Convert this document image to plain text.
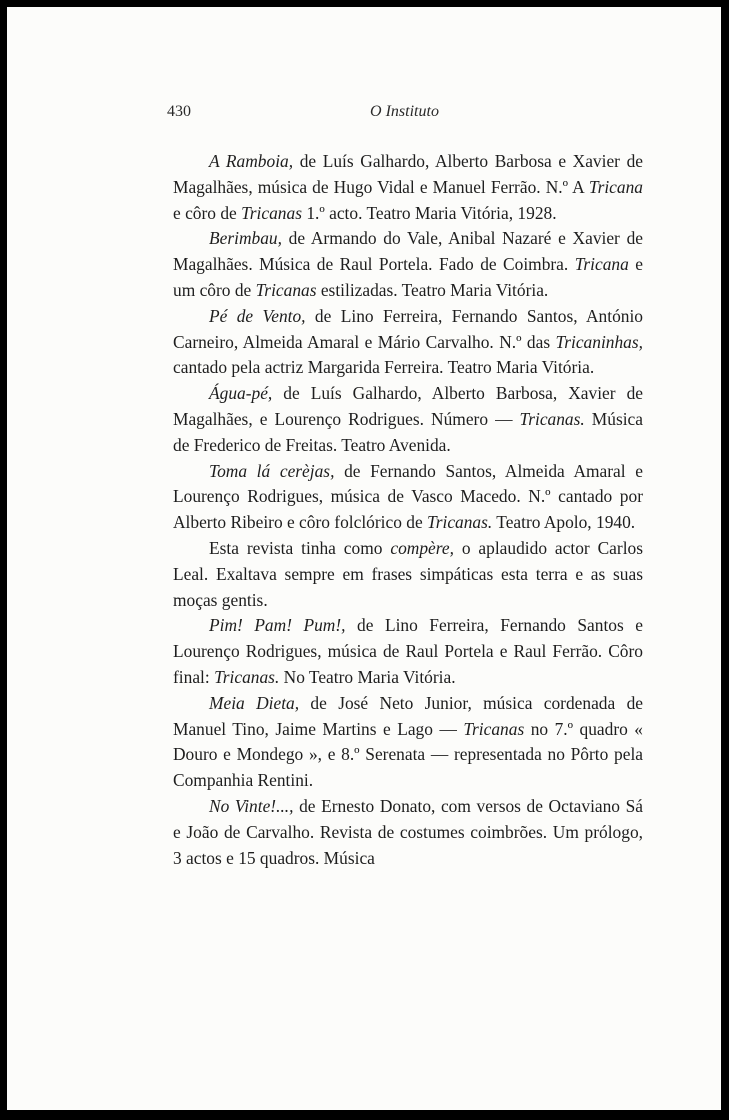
430	O Instituto

A Ramboia, de Luís Galhardo, Alberto Barbosa e Xavier de Magalhães, música de Hugo Vidal e Manuel Ferrão. N.º A Tricana e côro de Tricanas 1.º acto. Teatro Maria Vitória, 1928.

Berimbau, de Armando do Vale, Anibal Nazaré e Xavier de Magalhães. Música de Raul Portela. Fado de Coimbra. Tricana e um côro de Tricanas estilizadas. Teatro Maria Vitória.

Pé de Vento, de Lino Ferreira, Fernando Santos, António Carneiro, Almeida Amaral e Mário Carvalho. N.º das Tricaninhas, cantado pela actriz Margarida Ferreira. Teatro Maria Vitória.

Água-pé, de Luís Galhardo, Alberto Barbosa, Xavier de Magalhães, e Lourenço Rodrigues. Número — Tricanas. Música de Frederico de Freitas. Teatro Avenida.

Toma lá cerèjas, de Fernando Santos, Almeida Amaral e Lourenço Rodrigues, música de Vasco Macedo. N.º cantado por Alberto Ribeiro e côro folclórico de Tricanas. Teatro Apolo, 1940.

Esta revista tinha como compère, o aplaudido actor Carlos Leal. Exaltava sempre em frases simpáticas esta terra e as suas moças gentis.

Pim! Pam! Pum!, de Lino Ferreira, Fernando Santos e Lourenço Rodrigues, música de Raul Portela e Raul Ferrão. Côro final: Tricanas. No Teatro Maria Vitória.

Meia Dieta, de José Neto Junior, música cordenada de Manuel Tino, Jaime Martins e Lago — Tricanas no 7.º quadro « Douro e Mondego », e 8.º Serenata — representada no Pôrto pela Companhia Rentini.

No Vinte!..., de Ernesto Donato, com versos de Octaviano Sá e João de Carvalho. Revista de costumes coimbrões. Um prólogo, 3 actos e 15 quadros. Música
